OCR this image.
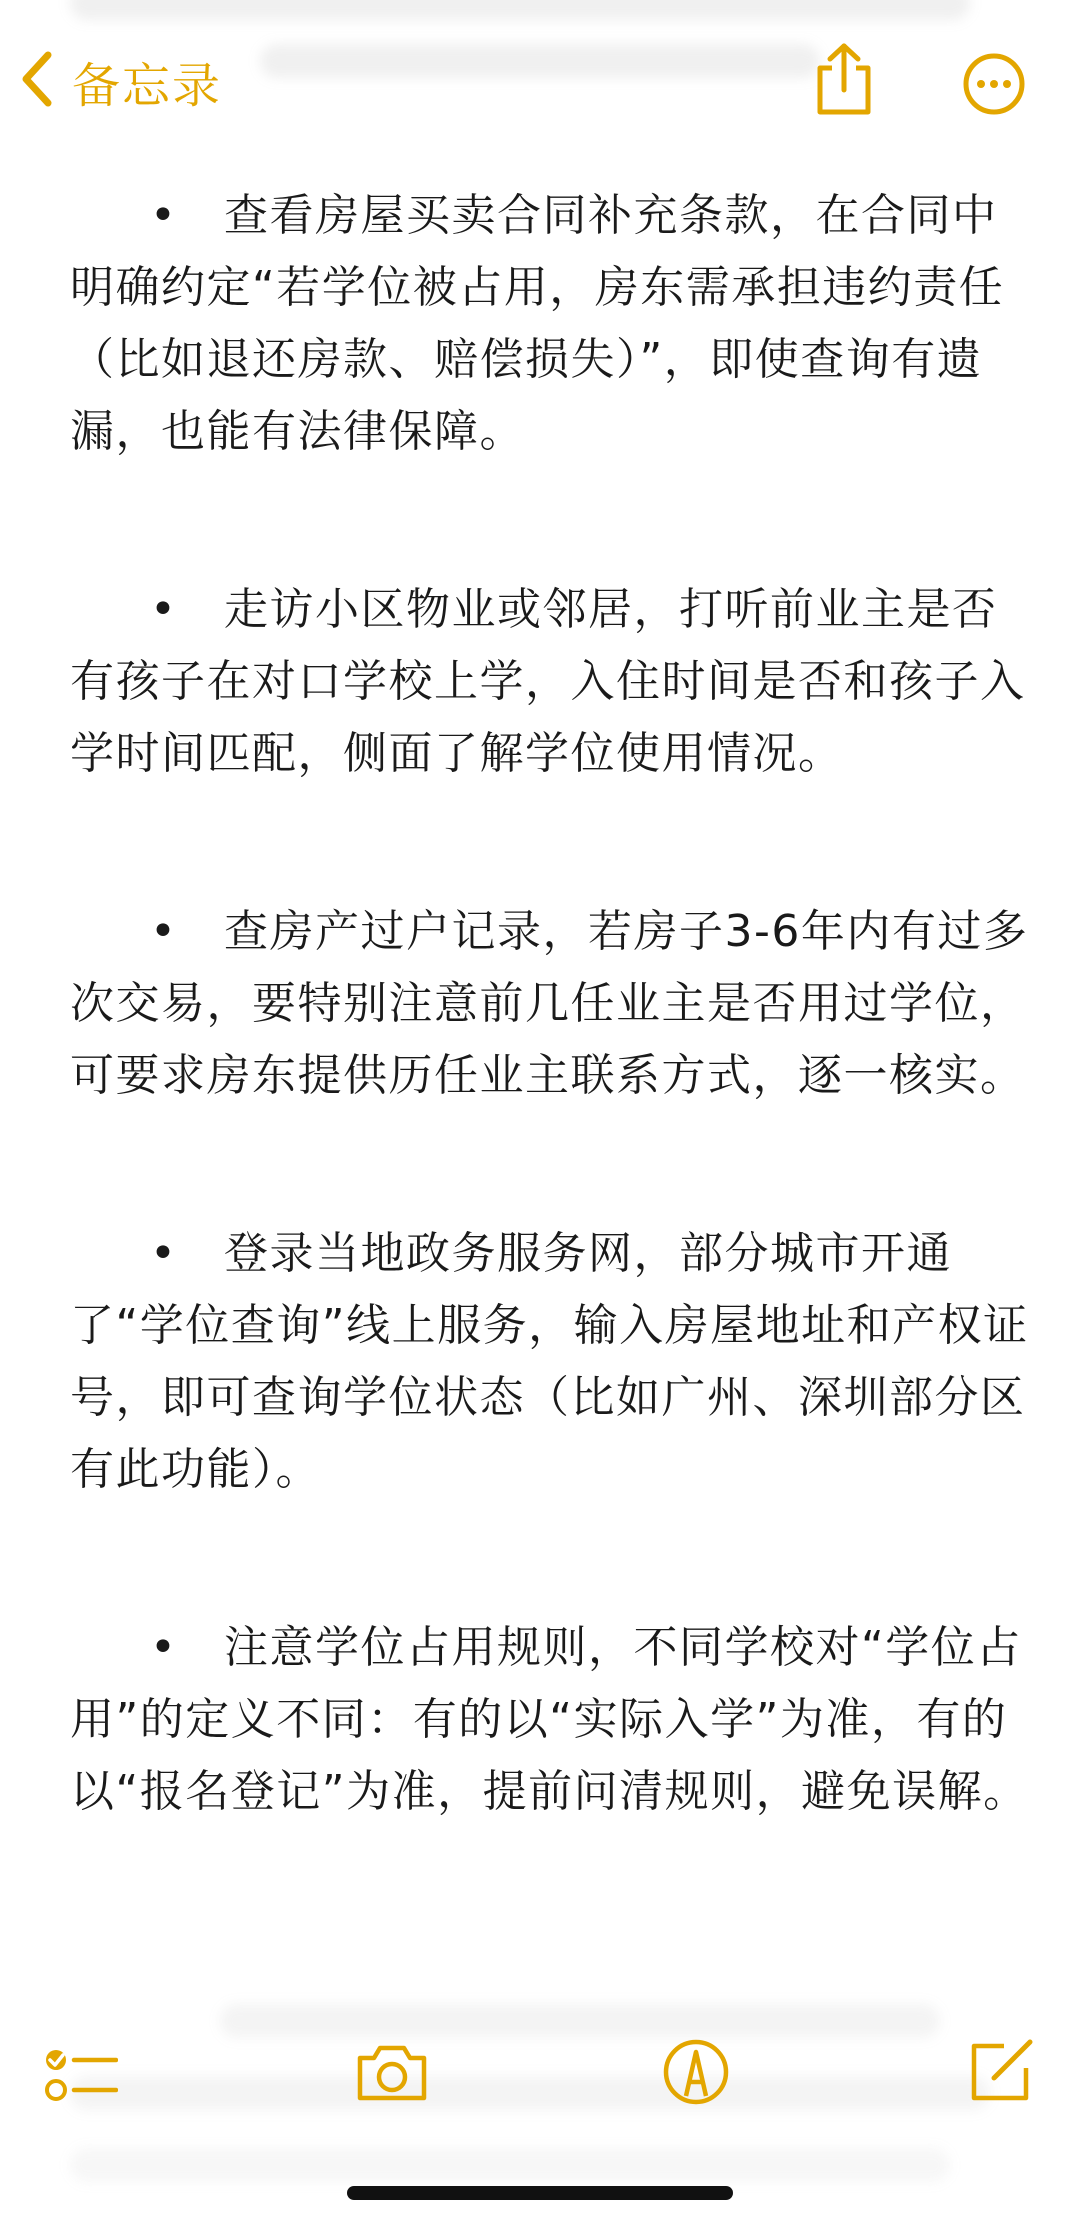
备忘录

• 查看房屋买卖合同补充条款，在合同中明确约定“若学位被占用，房东需承担违约责任（比如退还房款、赔偿损失）”，即使查询有遗漏，也能有法律保障。

• 走访小区物业或邻居，打听前业主是否有孩子在对口学校上学，入住时间是否和孩子入学时间匹配，侧面了解学位使用情况。

• 查房产过户记录，若房子3-6年内有过多次交易，要特别注意前几任业主是否用过学位，可要求房东提供历任业主联系方式，逐一核实。

• 登录当地政务服务网，部分城市开通了“学位查询”线上服务，输入房屋地址和产权证号，即可查询学位状态（比如广州、深圳部分区有此功能）。

• 注意学位占用规则，不同学校对“学位占用”的定义不同：有的以“实际入学”为准，有的以“报名登记”为准，提前问清规则，避免误解。
